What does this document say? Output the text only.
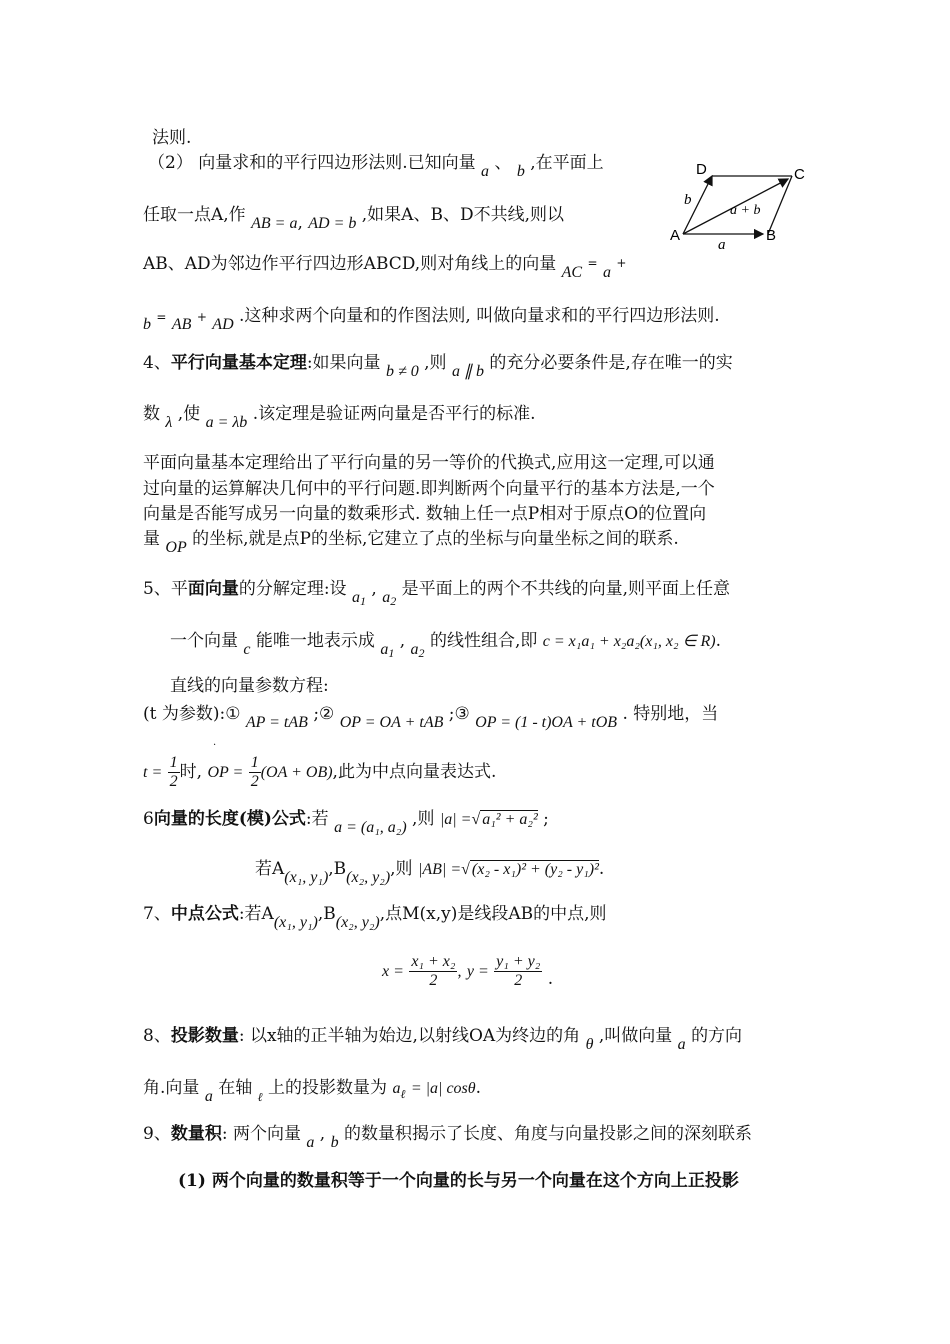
法则.
（2） 向量求和的平行四边形法则.已知向量 a 、 b ,在平面上
任取一点A,作 AB = a, AD = b ,如果A、B、D不共线,则以
AB、AD为邻边作平行四边形ABCD,则对角线上的向量 AC = a +
b = AB + AD .这种求两个向量和的作图法则, 叫做向量求和的平行四边形法则.
D	C
A	B
b
a
a + b
4、平行向量基本定理:如果向量 b ≠ 0 ,则 a ∥ b 的充分必要条件是,存在唯一的实
数 λ ,使 a = λb .该定理是验证两向量是否平行的标准.
平面向量基本定理给出了平行向量的另一等价的代换式,应用这一定理,可以通
过向量的运算解决几何中的平行问题.即判断两个向量平行的基本方法是,一个
向量是否能写成另一向量的数乘形式. 数轴上任一点P相对于原点O的位置向
量 OP 的坐标,就是点P的坐标,它建立了点的坐标与向量坐标之间的联系.
5、平面向量的分解定理:设 $a_1$ , $a_2$ 是平面上的两个不共线的向量,则平面上任意
一个向量 c 能唯一地表示成 $a_1$ , $a_2$ 的线性组合,即 c = x₁a₁ + x₂a₂(x₁, x₂ ∈ R).
直线的向量参数方程:
(t 为参数):① AP = tAB ;② OP = OA + tAB ;③ OP = (1 - t)OA + tOB . 特别地，当
.
$t = \frac{1}{2}$ 时, OP = $\frac{1}{2} (OA + OB)$,此为中点向量表达式.
6向量的长度(模)公式:若 a = (a₁, a₂) ,则 |a| =√ a₁² + a₂² ;
若A(x₁, y₁),B(x₂, y₂),则 |AB| =√ (x₂ - x₁)² + (y₂ - y₁)².
7、中点公式:若A(x₁, y₁),B(x₂, y₂),点M(x,y)是线段AB的中点,则
$x = \frac{\text{x₁ + x₂}}{2}$ , $y = \frac{\text{y₁ + y₂}}{2}$ .
8、投影数量: 以x轴的正半轴为始边,以射线OA为终边的角 θ ,叫做向量 a 的方向
角.向量 a 在轴 $_\ell$ 上的投影数量为 $a_\ell = |a|$ cosθ.
9、数量积: 两个向量 a , b 的数量积揭示了长度、角度与向量投影之间的深刻联系
(1) 两个向量的数量积等于一个向量的长与另一个向量在这个方向上正投影
